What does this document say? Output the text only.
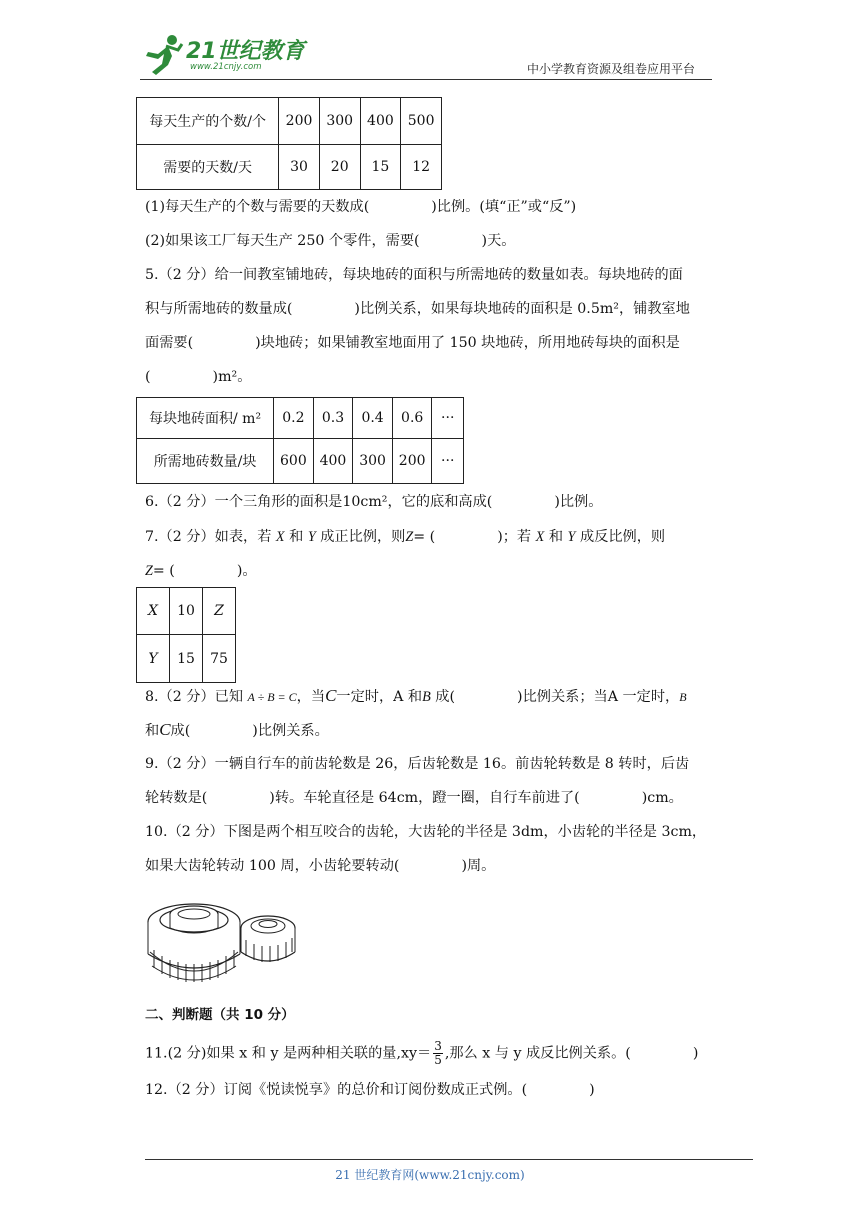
21世纪教育
www.21cnjy.com	中小学教育资源及组卷应用平台
每天生产的个数/个	200	300	400	500
需要的天数/天	30	20	15	12
(1)每天生产的个数与需要的天数成(	)比例。(填“正”或“反”)
(2)如果该工厂每天生产 250 个零件，需要(	)天。
5.（2 分）给一间教室铺地砖，每块地砖的面积与所需地砖的数量如表。每块地砖的面
积与所需地砖的数量成(	)比例关系，如果每块地砖的面积是 0.5m²，铺教室地
面需要(	)块地砖；如果铺教室地面用了 150 块地砖，所用地砖每块的面积是
(	)m²。
每块地砖面积/ m²	0.2	0.3	0.4	0.6	···
所需地砖数量/块	600	400	300	200	···
6.（2 分）一个三角形的面积是10cm²，它的底和高成(	)比例。
7.（2 分）如表，若 X 和 Y 成正比例，则Z= (	)；若 X 和 Y 成反比例，则
Z= (	)。
X	10	Z
Y	15	75
8.（2 分）已知 A ÷ B = C，当C一定时，A 和B 成(	)比例关系；当A 一定时，B
和C成(	)比例关系。
9.（2 分）一辆自行车的前齿轮数是 26，后齿轮数是 16。前齿轮转数是 8 转时，后齿
轮转数是(	)转。车轮直径是 64cm，蹬一圈，自行车前进了(	)cm。
10.（2 分）下图是两个相互咬合的齿轮，大齿轮的半径是 3dm，小齿轮的半径是 3cm，
如果大齿轮转动 100 周，小齿轮要转动(	)周。
二、判断题（共 10 分）
11.(2 分)如果 x 和 y 是两种相关联的量$,xy= \frac{3}{5}$ ,那么 x 与 y 成反比例关系。(	)
12.（2 分）订阅《悦读悦享》的总价和订阅份数成正式例。(	)
21 世纪教育网(www.21cnjy.com)
